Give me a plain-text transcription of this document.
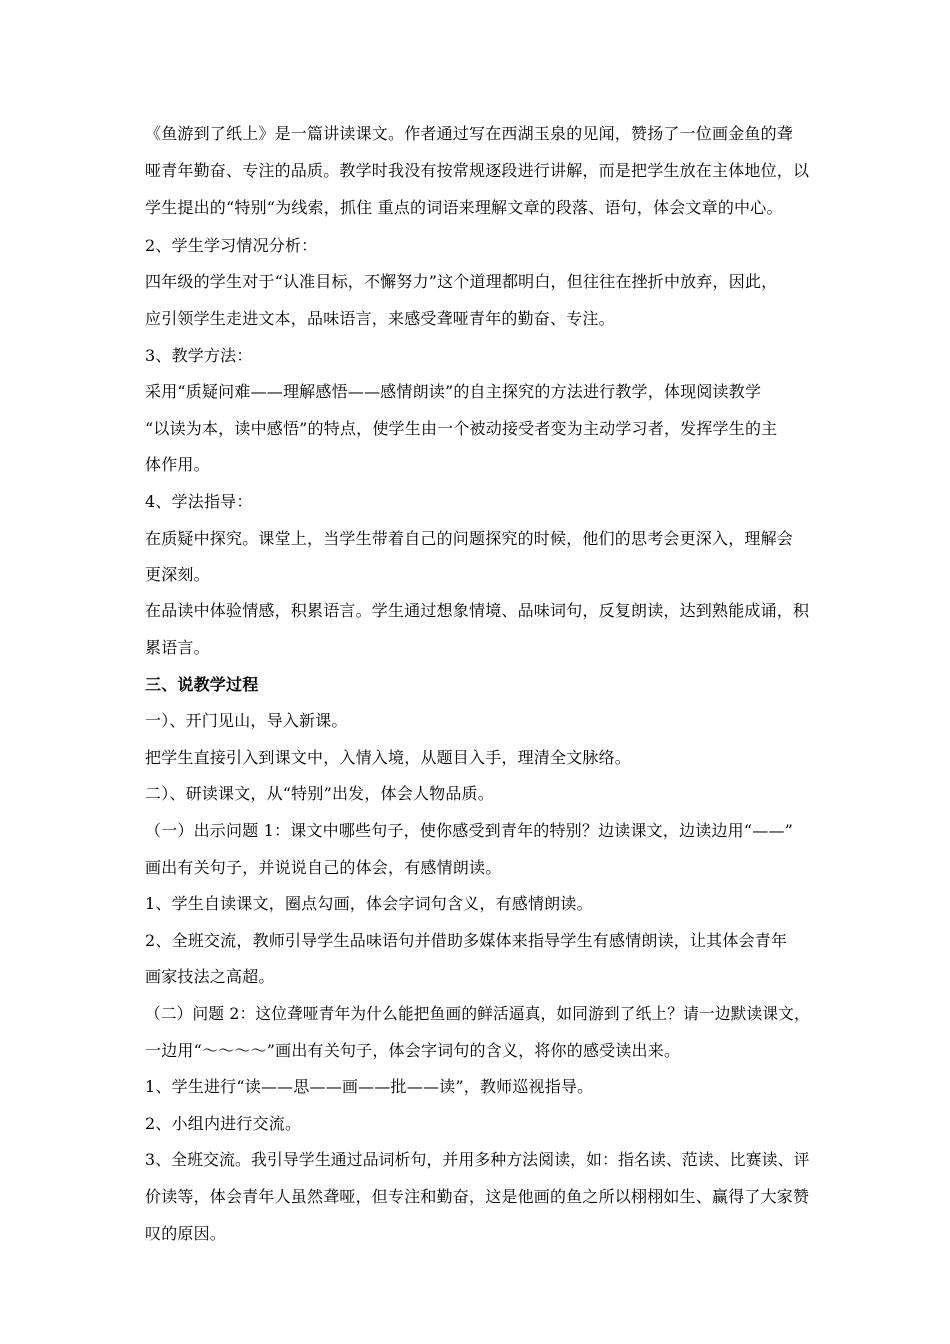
《鱼游到了纸上》是一篇讲读课文。作者通过写在西湖玉泉的见闻，赞扬了一位画金鱼的聋
哑青年勤奋、专注的品质。教学时我没有按常规逐段进行讲解，而是把学生放在主体地位，以
学生提出的“特别“为线索，抓住 重点的词语来理解文章的段落、语句，体会文章的中心。
2、学生学习情况分析：
四年级的学生对于“认准目标，不懈努力”这个道理都明白，但往往在挫折中放弃，因此，
应引领学生走进文本，品味语言，来感受聋哑青年的勤奋、专注。
3、教学方法：
采用“质疑问难——理解感悟——感情朗读”的自主探究的方法进行教学，体现阅读教学
“以读为本，读中感悟”的特点，使学生由一个被动接受者变为主动学习者，发挥学生的主
体作用。
4、学法指导：
在质疑中探究。课堂上，当学生带着自己的问题探究的时候，他们的思考会更深入，理解会
更深刻。
在品读中体验情感，积累语言。学生通过想象情境、品味词句，反复朗读，达到熟能成诵，积
累语言。
三、说教学过程
一）、开门见山，导入新课。
把学生直接引入到课文中，入情入境，从题目入手，理清全文脉络。
二）、研读课文，从“特别”出发，体会人物品质。
（一）出示问题 1：课文中哪些句子，使你感受到青年的特别？边读课文，边读边用“——”
画出有关句子，并说说自己的体会，有感情朗读。
1、学生自读课文，圈点勾画，体会字词句含义，有感情朗读。
2、全班交流，教师引导学生品味语句并借助多媒体来指导学生有感情朗读，让其体会青年
画家技法之高超。
（二）问题 2：这位聋哑青年为什么能把鱼画的鲜活逼真，如同游到了纸上？请一边默读课文，
一边用“～～～～”画出有关句子，体会字词句的含义，将你的感受读出来。
1、学生进行“读——思——画——批——读”，教师巡视指导。
2、小组内进行交流。
3、全班交流。我引导学生通过品词析句，并用多种方法阅读，如：指名读、范读、比赛读、评
价读等，体会青年人虽然聋哑，但专注和勤奋，这是他画的鱼之所以栩栩如生、赢得了大家赞
叹的原因。
